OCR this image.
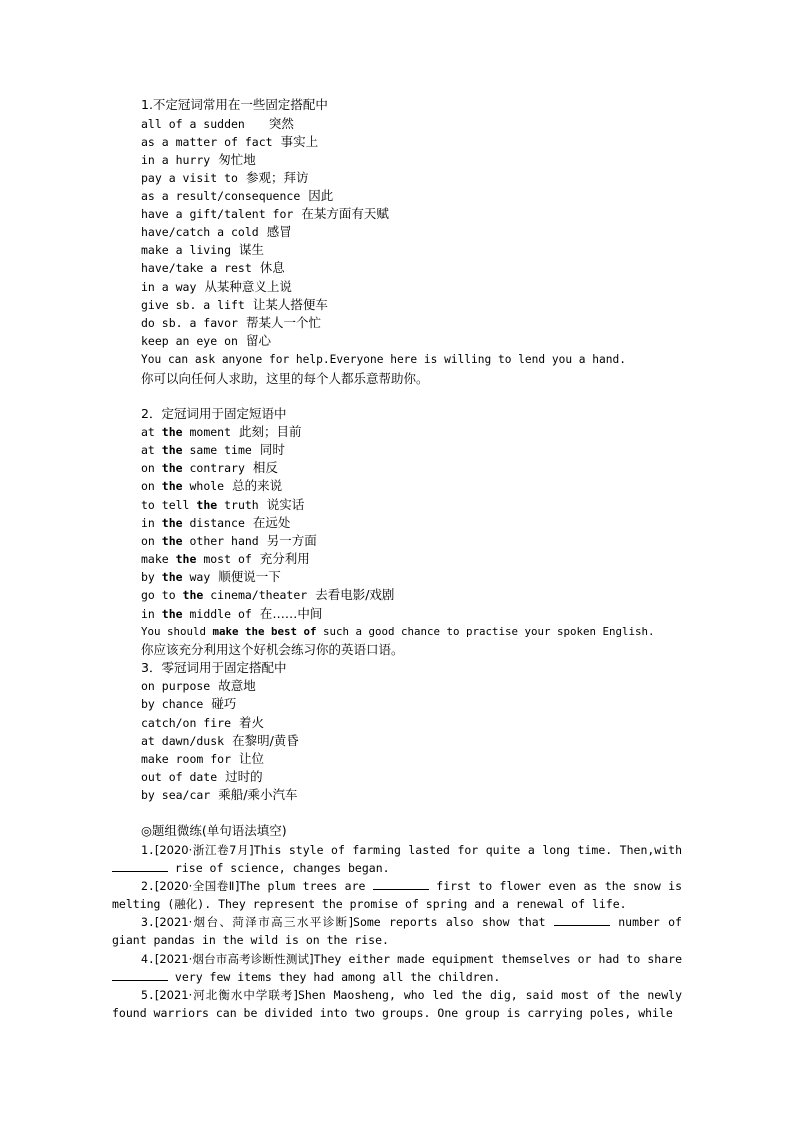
1.不定冠词常用在一些固定搭配中
all of a sudden 突然
as a matter of fact 事实上
in a hurry 匆忙地
pay a visit to 参观；拜访
as a result/consequence 因此
have a gift/talent for 在某方面有天赋
have/catch a cold 感冒
make a living 谋生
have/take a rest 休息
in a way 从某种意义上说
give sb. a lift 让某人搭便车
do sb. a favor 帮某人一个忙
keep an eye on 留心
You can ask anyone for help.Everyone here is willing to lend you a hand.
你可以向任何人求助，这里的每个人都乐意帮助你。
2．定冠词用于固定短语中
at the moment 此刻；目前
at the same time 同时
on the contrary 相反
on the whole 总的来说
to tell the truth 说实话
in the distance 在远处
on the other hand 另一方面
make the most of 充分利用
by the way 顺便说一下
go to the cinema/theater 去看电影/戏剧
in the middle of 在……中间
You should make the best of such a good chance to practise your spoken English.
你应该充分利用这个好机会练习你的英语口语。
3．零冠词用于固定搭配中
on purpose 故意地
by chance 碰巧
catch/on fire 着火
at dawn/dusk 在黎明/黄昏
make room for 让位
out of date 过时的
by sea/car 乘船/乘小汽车
◎题组微练(单句语法填空)
1.[2020·浙江卷7月]This style of farming lasted for quite a long time. Then,with  rise of science, changes began.
2.[2020·全国卷Ⅱ]The plum trees are	first to flower even as the snow is melting (融化). They represent the promise of spring and a renewal of life.
3.[2021·烟台、菏泽市高三水平诊断]Some reports also show that	number of giant pandas in the wild is on the rise.
4.[2021·烟台市高考诊断性测试]They either made equipment themselves or had to share  very few items they had among all the children.
5.[2021·河北衡水中学联考]Shen Maosheng, who led the dig, said most of the newly found warriors can be divided into two groups. One group is carrying poles, while
